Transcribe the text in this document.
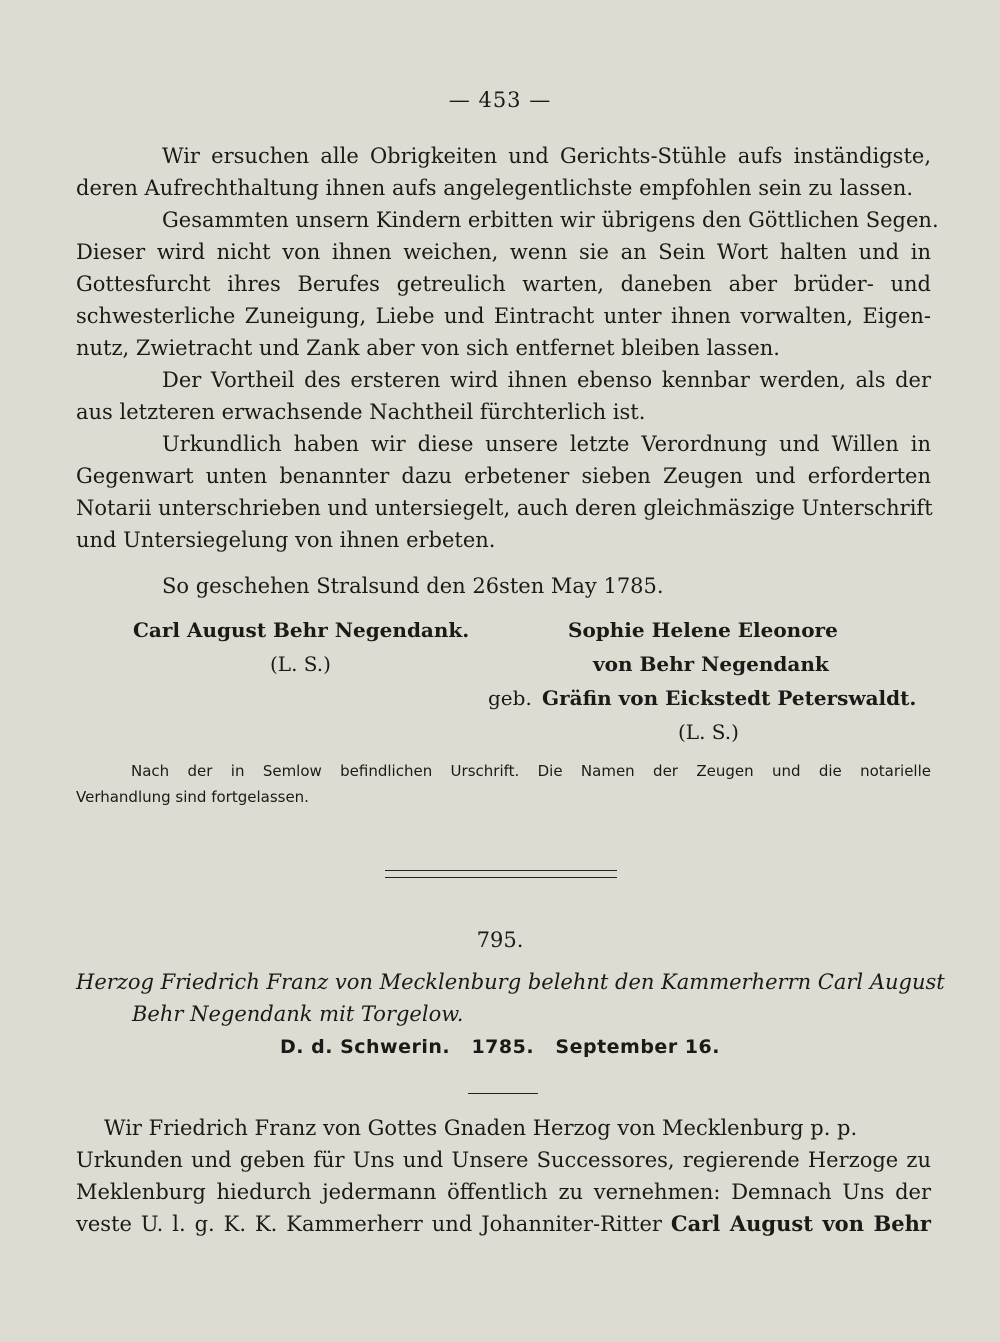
— 453 —
Wir ersuchen alle Obrigkeiten und Gerichts-Stühle aufs inständigste,
deren Aufrechthaltung ihnen aufs angelegentlichste empfohlen sein zu lassen.
Gesammten unsern Kindern erbitten wir übrigens den Göttlichen Segen.
Dieser wird nicht von ihnen weichen, wenn sie an Sein Wort halten und in
Gottesfurcht ihres Berufes getreulich warten, daneben aber brüder- und
schwesterliche Zuneigung, Liebe und Eintracht unter ihnen vorwalten, Eigen-
nutz, Zwietracht und Zank aber von sich entfernet bleiben lassen.
Der Vortheil des ersteren wird ihnen ebenso kennbar werden, als der
aus letzteren erwachsende Nachtheil fürchterlich ist.
Urkundlich haben wir diese unsere letzte Verordnung und Willen in
Gegenwart unten benannter dazu erbetener sieben Zeugen und erforderten
Notarii unterschrieben und untersiegelt, auch deren gleichmäszige Unterschrift
und Untersiegelung von ihnen erbeten.
So geschehen Stralsund den 26sten May 1785.
Carl August Behr Negendank.
(L. S.)
Sophie Helene Eleonore
von Behr Negendank
geb. Gräfin von Eickstedt Peterswaldt.
(L. S.)
Nach der in Semlow befindlichen Urschrift. Die Namen der Zeugen und die notarielle
Verhandlung sind fortgelassen.
795.
Herzog Friedrich Franz von Mecklenburg belehnt den Kammerherrn Carl August
Behr Negendank mit Torgelow.
D. d. Schwerin.   1785.   September 16.
Wir Friedrich Franz von Gottes Gnaden Herzog von Mecklenburg p. p.
Urkunden und geben für Uns und Unsere Successores, regierende Herzoge zu
Meklenburg hiedurch jedermann öffentlich zu vernehmen: Demnach Uns der
veste U. l. g. K. K. Kammerherr und Johanniter-Ritter Carl August von Behr
